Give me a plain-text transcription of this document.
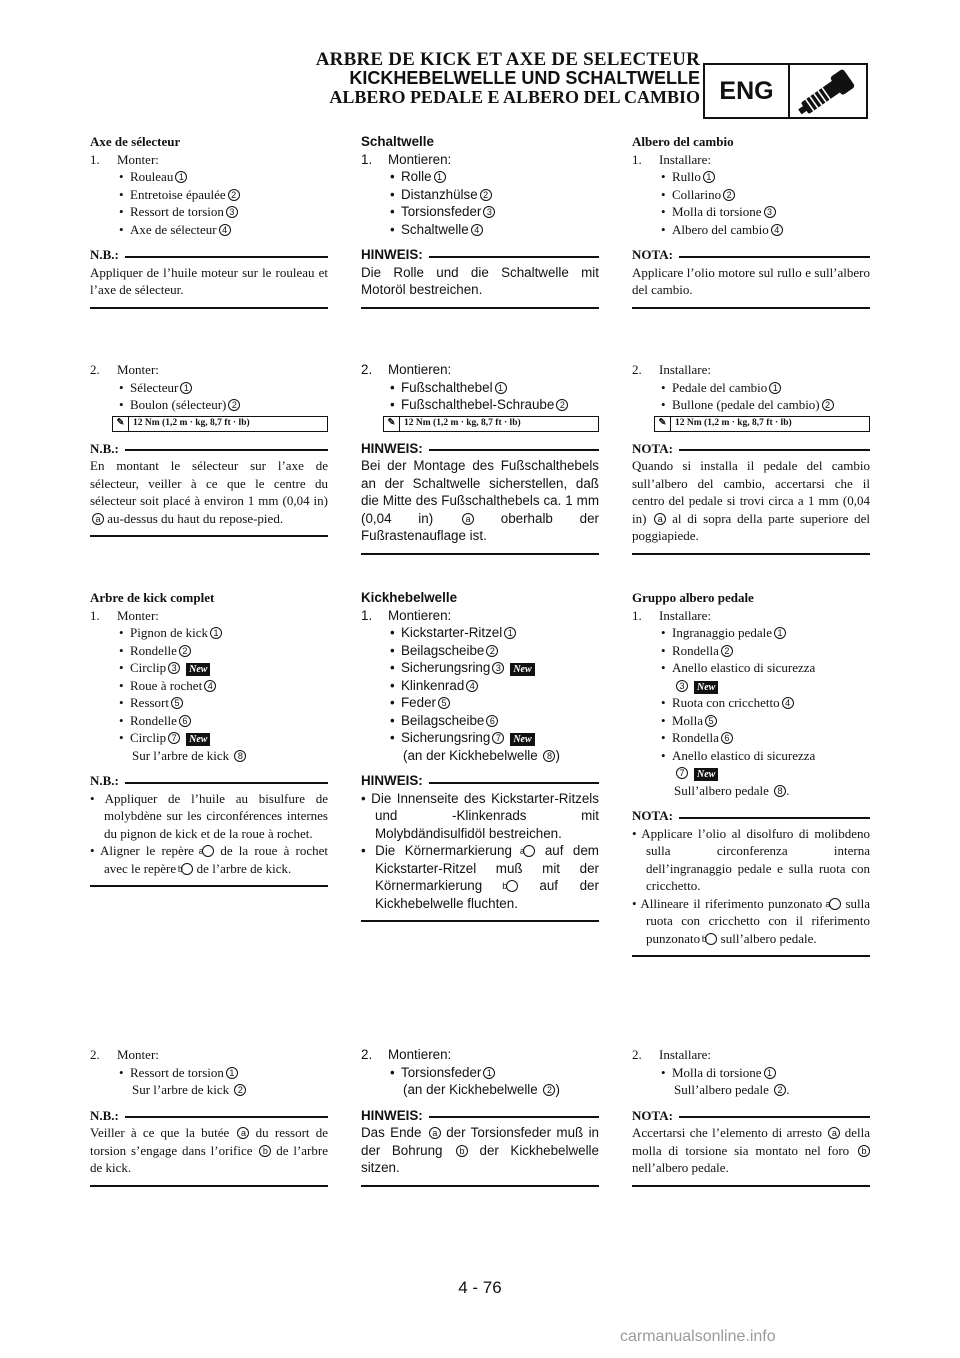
ARBRE DE KICK ET AXE DE SELECTEUR
KICKHEBELWELLE UND SCHALTWELLE
ALBERO PEDALE E ALBERO DEL CAMBIO ENG
Axe de sélecteur
1. Monter:
• Rouleau 1
• Entretoise épaulée 2
• Ressort de torsion 3
• Axe de sélecteur 4
N.B.:
Appliquer de l’huile moteur sur le rouleau et l’axe de sélecteur.
2. Monter:
• Sélecteur 1
• Boulon (sélecteur) 2
✎ 12 Nm (1,2 m · kg, 8,7 ft · lb)
N.B.:
En montant le sélecteur sur l’axe de sélecteur, veiller à ce que le centre du sélecteur soit placé à environ 1 mm (0,04 in) a au-dessus du haut du repose-pied.
Arbre de kick complet
1. Monter:
• Pignon de kick 1
• Rondelle 2
• Circlip 3 New
• Roue à rochet 4
• Ressort 5
• Rondelle 6
• Circlip 7 New
Sur l’arbre de kick 8
N.B.:
• Appliquer de l’huile au bisulfure de molybdène sur les circonférences internes du pignon de kick et de la roue à rochet.
• Aligner le repère a de la roue à rochet avec le repère b de l’arbre de kick.
2. Monter:
• Ressort de torsion 1
Sur l’arbre de kick 2
N.B.:
Veiller à ce que la butée a du ressort de torsion s’engage dans l’orifice b de l’arbre de kick.
Schaltwelle
1. Montieren:
• Rolle 1
• Distanzhülse 2
• Torsionsfeder 3
• Schaltwelle 4
HINWEIS:
Die Rolle und die Schaltwelle mit Motoröl bestreichen.
2. Montieren:
• Fußschalthebel 1
• Fußschalthebel-Schraube 2
✎ 12 Nm (1,2 m · kg, 8,7 ft · lb)
HINWEIS:
Bei der Montage des Fußschalthebels an der Schaltwelle sicherstellen, daß die Mitte des Fußschalthebels ca. 1 mm (0,04 in)	a oberhalb der Fußrastenauflage ist.
Kickhebelwelle
1. Montieren:
• Kickstarter-Ritzel 1
• Beilagscheibe 2
• Sicherungsring 3 New
• Klinkenrad 4
• Feder 5
• Beilagscheibe 6
• Sicherungsring 7 New
(an der Kickhebelwelle 8 )
HINWEIS:
• Die Innenseite des Kickstarter-Ritzels und -Klinkenrads mit Molybdändisulfidöl bestreichen.
• Die Körnermarkierung a auf dem Kickstarter-Ritzel muß mit der Körnermarkierung b auf der Kickhebelwelle fluchten.
2. Montieren:
• Torsionsfeder 1
(an der Kickhebelwelle 2 )
HINWEIS:
Das Ende a der Torsionsfeder muß in der Bohrung b der Kickhebelwelle sitzen.
Albero del cambio
1. Installare:
• Rullo 1
• Collarino 2
• Molla di torsione 3
• Albero del cambio 4
NOTA:
Applicare l’olio motore sul rullo e sull’albero del cambio.
2. Installare:
• Pedale del cambio 1
• Bullone (pedale del cambio) 2
✎ 12 Nm (1,2 m · kg, 8,7 ft · lb)
NOTA:
Quando si installa il pedale del cambio sull’albero del cambio, accertarsi che il centro del pedale si trovi circa a 1 mm (0,04 in) a al di sopra della parte superiore del poggiapiede.
Gruppo albero pedale
1. Installare:
• Ingranaggio pedale 1
• Rondella 2
• Anello elastico di sicurezza
3 New
• Ruota con cricchetto 4
• Molla 5
• Rondella 6
• Anello elastico di sicurezza
7 New
Sull’albero pedale 8 .
NOTA:
• Applicare l’olio al disolfuro di molibdeno sulla circonferenza interna dell’ingranaggio pedale e sulla ruota con cricchetto.
• Allineare il riferimento punzonato a sulla ruota con cricchetto con il riferimento punzonato b sull’albero pedale.
2. Installare:
• Molla di torsione 1
Sull’albero pedale 2 .
NOTA:
Accertarsi che l’elemento di arresto a della molla di torsione sia montato nel foro b nell’albero pedale.
4 - 76
carmanualsonline.info
